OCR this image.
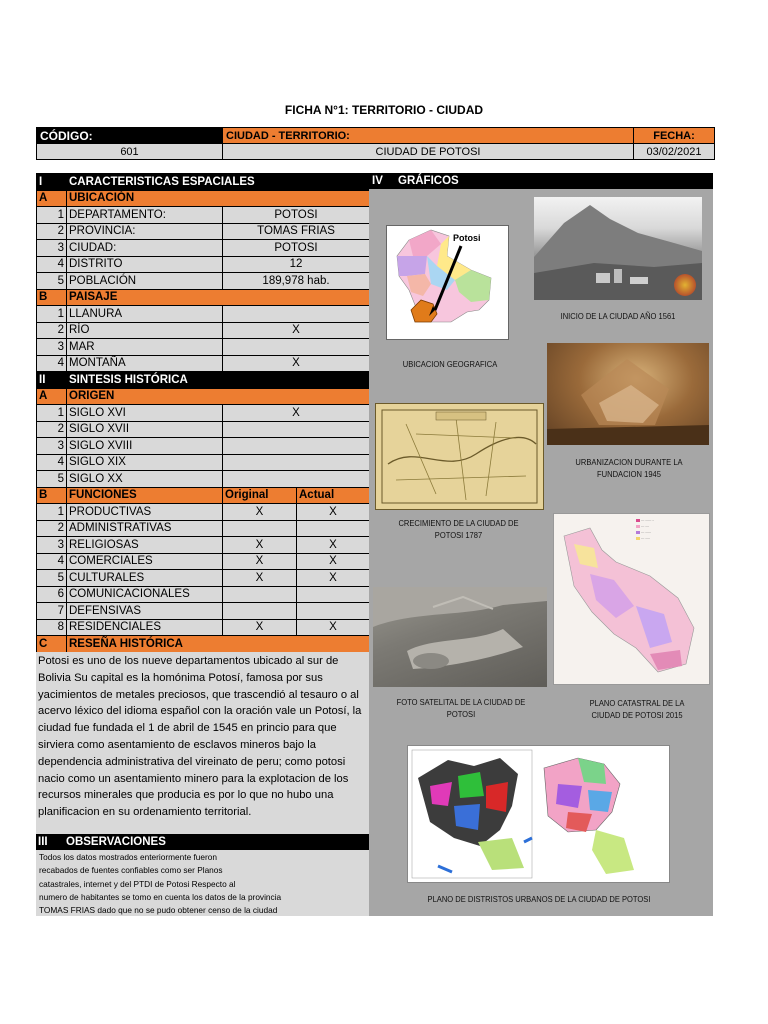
FICHA N°1: TERRITORIO - CIUDAD
CÓDIGO:	CIUDAD - TERRITORIO:	FECHA:
601	CIUDAD DE POTOSI	03/02/2021
I	CARACTERISTICAS ESPACIALES		
A	UBICACIÓN		
1	DEPARTAMENTO:	POTOSI	
2	PROVINCIA:	TOMAS FRIAS	
3	CIUDAD:	POTOSI	
4	DISTRITO	12	
5	POBLACIÓN	189,978 hab.	
B	PAISAJE		
1	LLANURA		
2	RÍO	X	
3	MAR		
4	MONTAÑA	X	
II	SINTESIS HISTÓRICA		
A	ORIGEN		
1	SIGLO XVI	X	
2	SIGLO XVII		
3	SIGLO XVIII		
4	SIGLO XIX		
5	SIGLO XX		
B	FUNCIONES	Original	Actual
1	PRODUCTIVAS	X	X
2	ADMINISTRATIVAS		
3	RELIGIOSAS	X	X
4	COMERCIALES	X	X
5	CULTURALES	X	X
6	COMUNICACIONALES		
7	DEFENSIVAS		
8	RESIDENCIALES	X	X
C	RESEÑA HISTÓRICA		
Potosi es uno de los nueve departamentos ubicado al sur de Bolivia Su capital es la homónima Potosí, famosa por sus yacimientos de metales preciosos, que trascendió al tesauro o al acervo léxico del idioma español con la oración vale un Potosí, la ciudad fue fundada el 1 de abril de 1545 en princio para que sirviera como asentamiento de esclavos mineros bajo la dependencia administrativa del vireinato de peru; como potosi nacio como un asentamiento minero para la explotacion de los recursos minerales que producia es por lo que no hubo una planificacion en su ordenamiento territorial.
III	OBSERVACIONES
Todos los datos mostrados enteriormente fueron
recabados de fuentes confiables como ser Planos
catastrales, internet y del PTDI de Potosi Respecto al
numero de habitantes se tomo en cuenta los datos de la provincia
TOMAS FRIAS dado que no se pudo obtener censo de la ciudad
IV	GRÁFICOS
Potosi
UBICACION GEOGRAFICA
INICIO DE LA CIUDAD AÑO 1561
URBANIZACION DURANTE LA FUNDACION 1945
CRECIMIENTO DE LA CIUDAD DE POTOSI 1787
···········
·······
·········
········
PLANO CATASTRAL DE LA CIUDAD DE POTOSI 2015
FOTO SATELITAL DE LA CIUDAD DE POTOSI
PLANO DE DISTRISTOS URBANOS DE LA CIUDAD DE POTOSI
